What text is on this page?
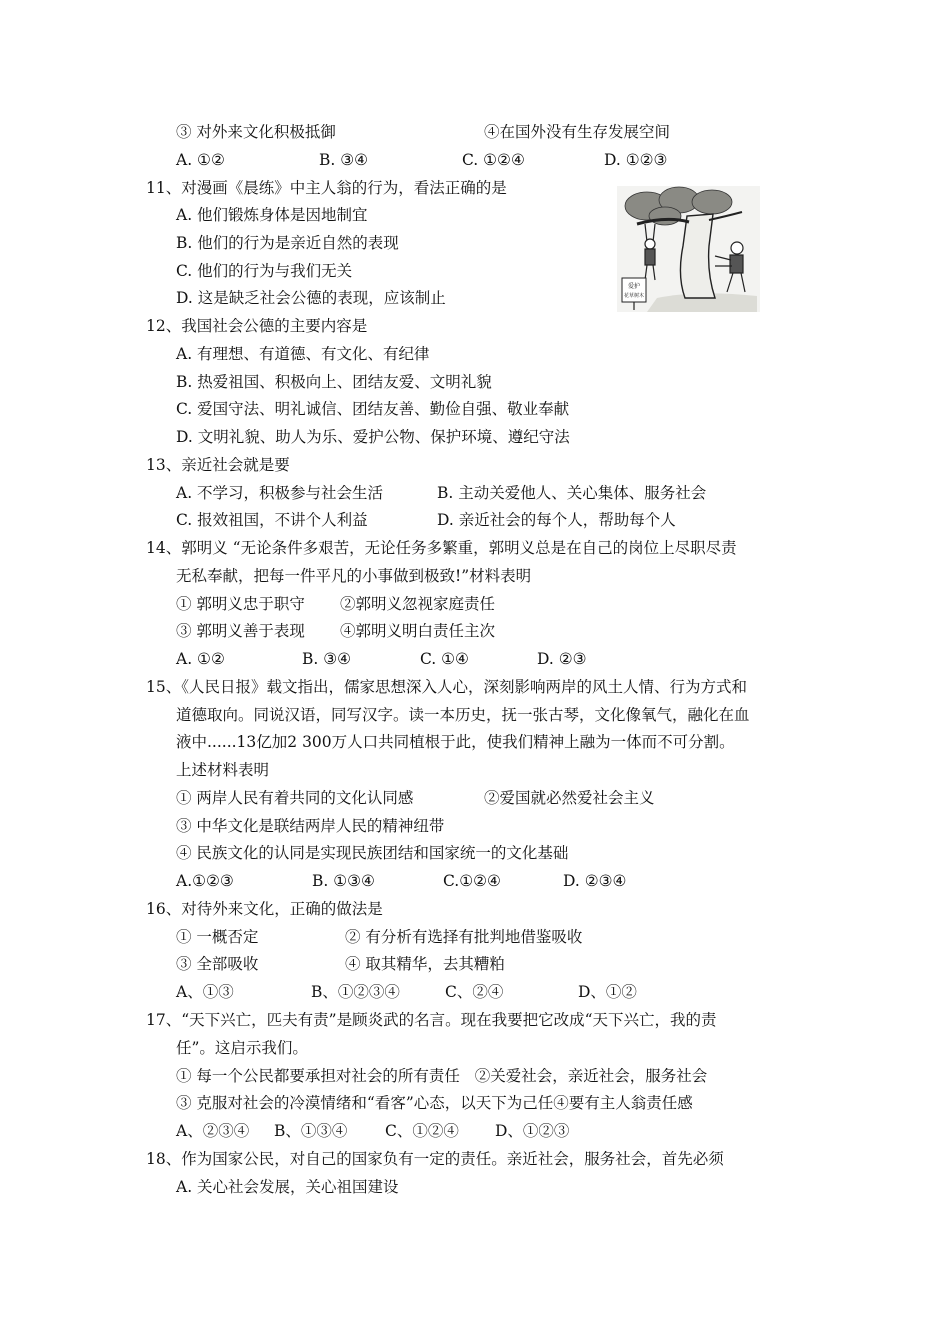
③ 对外来文化积极抵御	④在国外没有生存发展空间
A. ①②	B. ③④	C. ①②④	D. ①②③
11、对漫画《晨练》中主人翁的行为，看法正确的是
A. 他们锻炼身体是因地制宜
B. 他们的行为是亲近自然的表现
C. 他们的行为与我们无关
D. 这是缺乏社会公德的表现，应该制止
爱护
花草树木
12、我国社会公德的主要内容是
A. 有理想、有道德、有文化、有纪律
B. 热爱祖国、积极向上、团结友爱、文明礼貌
C. 爱国守法、明礼诚信、团结友善、勤俭自强、敬业奉献
D. 文明礼貌、助人为乐、爱护公物、保护环境、遵纪守法
13、亲近社会就是要
A. 不学习，积极参与社会生活	B. 主动关爱他人、关心集体、服务社会
C. 报效祖国，不讲个人利益	D. 亲近社会的每个人，帮助每个人
14、郭明义 “无论条件多艰苦，无论任务多繁重，郭明义总是在自己的岗位上尽职尽责
无私奉献，把每一件平凡的小事做到极致!”材料表明
① 郭明义忠于职守 ②郭明义忽视家庭责任
③ 郭明义善于表现 ④郭明义明白责任主次
A. ①②	B. ③④	C. ①④	D. ②③
15、《人民日报》载文指出，儒家思想深入人心，深刻影响两岸的风土人情、行为方式和
道德取向。同说汉语，同写汉字。读一本历史，抚一张古琴，文化像氧气，融化在血
液中......13亿加2 300万人口共同植根于此，使我们精神上融为一体而不可分割。
上述材料表明
① 两岸人民有着共同的文化认同感	②爱国就必然爱社会主义
③ 中华文化是联结两岸人民的精神纽带
④ 民族文化的认同是实现民族团结和国家统一的文化基础
A.①②③	B. ①③④	C.①②④	D. ②③④
16、对待外来文化，正确的做法是
① 一概否定	② 有分析有选择有批判地借鉴吸收
③ 全部吸收	④ 取其精华，去其糟粕
A、①③	B、①②③④	C、②④	D、①②
17、“天下兴亡，匹夫有责”是顾炎武的名言。现在我要把它改成“天下兴亡，我的责
任”。这启示我们。
① 每一个公民都要承担对社会的所有责任   ②关爱社会，亲近社会，服务社会
③ 克服对社会的冷漠情绪和“看客”心态，以天下为己任④要有主人翁责任感
A、②③④ B、①③④ C、①②④ D、①②③
18、作为国家公民，对自己的国家负有一定的责任。亲近社会，服务社会，首先必须
A. 关心社会发展，关心祖国建设
